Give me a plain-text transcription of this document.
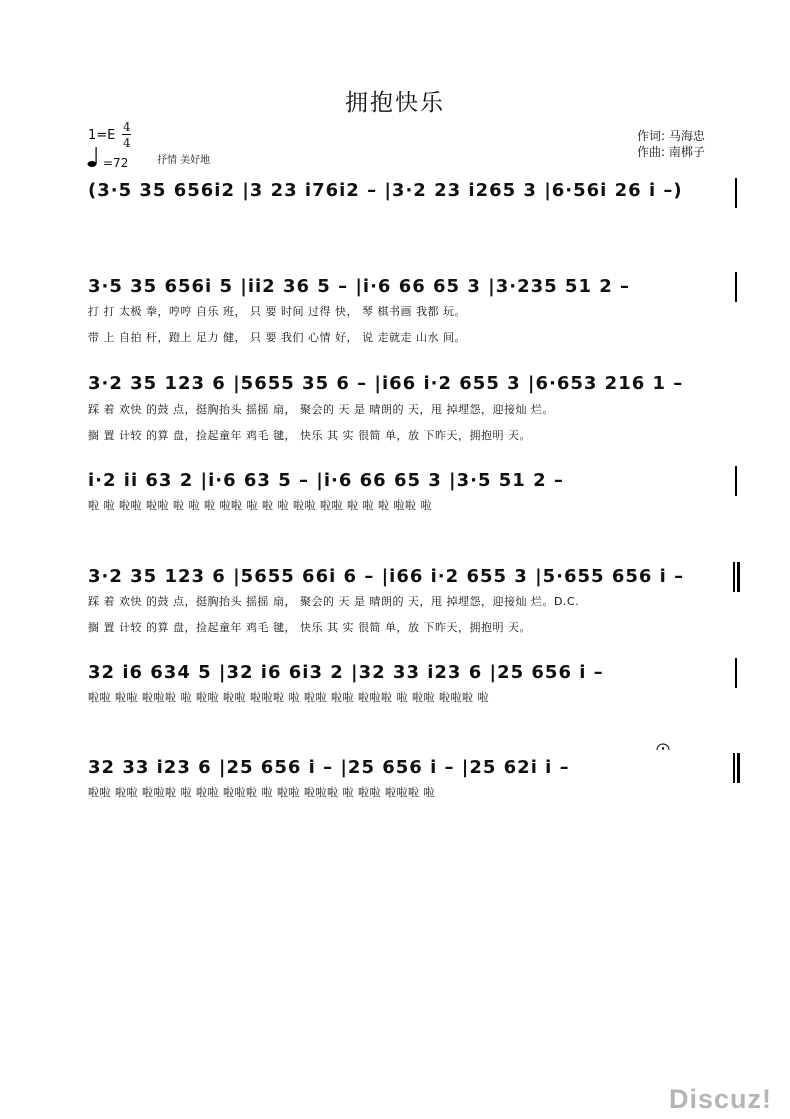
拥抱快乐
1=E
4
4
=72	抒情 美好地
作词: 马海忠
作曲: 南梆子
(3·5 35 656i2 |3 23 i76i2 – |3·2 23 i265 3 |6·56i 26 i –)
3·5 35 656i 5 |ii2 36 5 – |i·6 66 65 3 |3·235 51 2 –
打 打 太极 拳，哼哼 自乐 班， 只 要 时间 过得 快， 琴 棋书画 我都 玩。
带 上 自拍 杆，蹬上 足力 健， 只 要 我们 心情 好， 说 走就走 山水 间。
3·2 35 123 6 |5655 35 6 – |i66 i·2 655 3 |6·653 216 1 –
踩 着 欢快 的鼓 点，挺胸抬头 摇摇 扇， 聚会的 天 是 晴朗的 天，甩 掉埋怨，迎接灿 烂。
搁 置 计较 的算 盘，捡起童年 鸡毛 毽， 快乐 其 实 很简 单，放 下昨天，拥抱明 天。
i·2 ii 63 2 |i·6 63 5 – |i·6 66 65 3 |3·5 51 2 –
啦 啦 啦啦 啦啦 啦 啦 啦 啦啦 啦 啦 啦 啦啦 啦啦 啦 啦 啦 啦啦 啦
3·2 35 123 6 |5655 66i 6 – |i66 i·2 655 3 |5·655 656 i –
踩 着 欢快 的鼓 点，挺胸抬头 摇摇 扇， 聚会的 天 是 晴朗的 天，甩 掉埋怨，迎接灿 烂。D.C.
搁 置 计较 的算 盘，捡起童年 鸡毛 毽， 快乐 其 实 很简 单，放 下昨天，拥抱明 天。
32 i6 634 5 |32 i6 6i3 2 |32 33 i23 6 |25 656 i –
啦啦 啦啦 啦啦啦 啦 啦啦 啦啦 啦啦啦 啦 啦啦 啦啦 啦啦啦 啦 啦啦 啦啦啦 啦
32 33 i23 6 |25 656 i – |25 656 i – |25 62i i –
啦啦 啦啦 啦啦啦 啦 啦啦 啦啦啦 啦 啦啦 啦啦啦 啦 啦啦 啦啦啦 啦
Discuz!
